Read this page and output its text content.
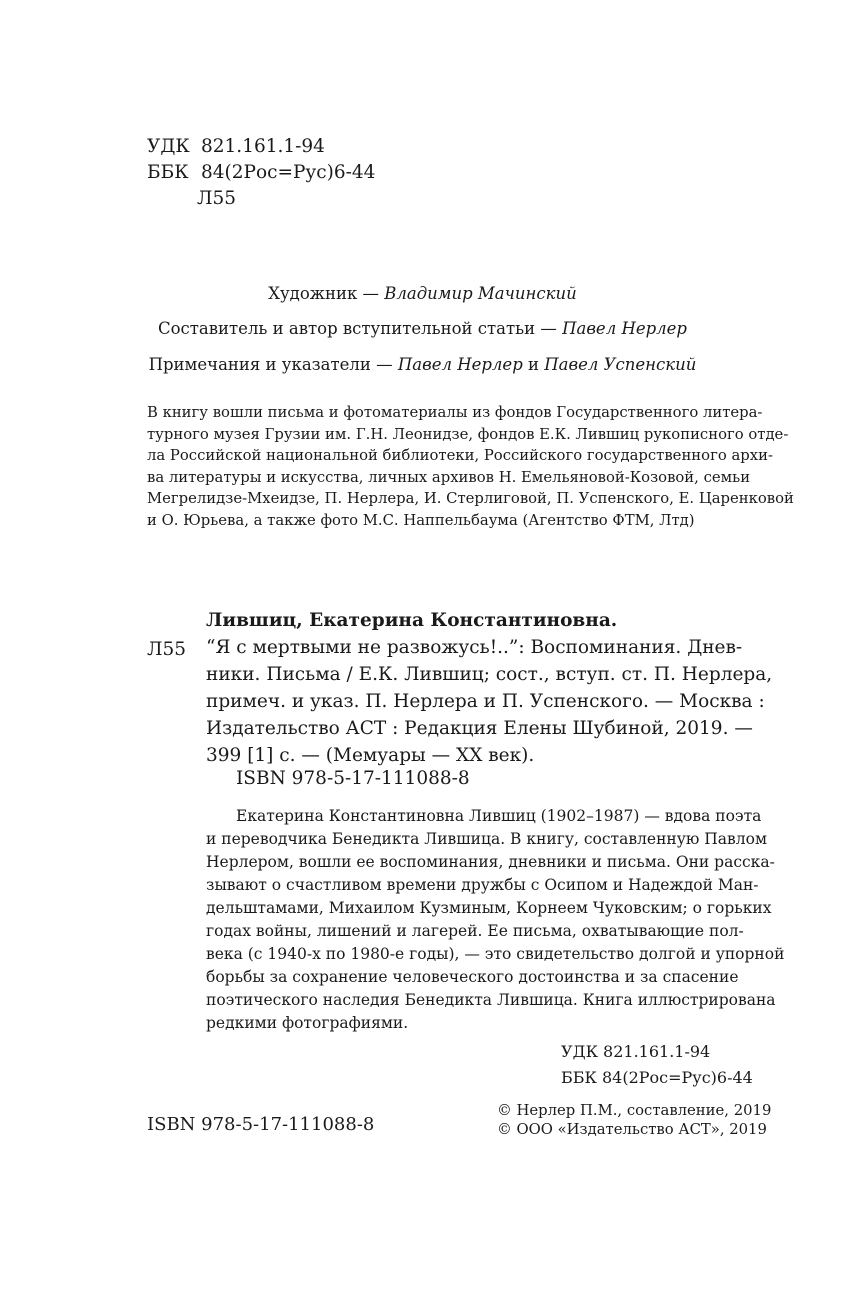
УДК 821.161.1-94
ББК 84(2Рос=Рус)6-44
Л55
Художник — Владимир Мачинский
Составитель и автор вступительной статьи — Павел Нерлер
Примечания и указатели — Павел Нерлер и Павел Успенский
В книгу вошли письма и фотоматериалы из фондов Государственного литера-
турного музея Грузии им. Г.Н. Леонидзе, фондов Е.К. Лившиц рукописного отде-
ла Российской национальной библиотеки, Российского государственного архи-
ва литературы и искусства, личных архивов Н. Емельяновой-Козовой, семьи
Мегрелидзе-Мхеидзе, П. Нерлера, И. Стерлиговой, П. Успенского, Е. Царенковой
и О. Юрьева, а также фото М.С. Наппельбаума (Агентство ФТМ, Лтд)
Лившиц, Екатерина Константиновна.
Л55 “Я с мертвыми не развожусь!..”: Воспоминания. Днев-
ники. Письма / Е.К. Лившиц; сост., вступ. ст. П. Нерлера,
примеч. и указ. П. Нерлера и П. Успенского. — Москва :
Издательство АСТ : Редакция Елены Шубиной, 2019. —
399 [1] с. — (Мемуары — XX век).
ISBN 978-5-17-111088-8
Екатерина Константиновна Лившиц (1902–1987) — вдова поэта
и переводчика Бенедикта Лившица. В книгу, составленную Павлом
Нерлером, вошли ее воспоминания, дневники и письма. Они расска-
зывают о счастливом времени дружбы с Осипом и Надеждой Ман-
дельштамами, Михаилом Кузминым, Корнеем Чуковским; о горьких
годах войны, лишений и лагерей. Ее письма, охватывающие пол-
века (с 1940-х по 1980-е годы), — это свидетельство долгой и упорной
борьбы за сохранение человеческого достоинства и за спасение
поэтического наследия Бенедикта Лившица. Книга иллюстрирована
редкими фотографиями.
УДК 821.161.1-94
ББК 84(2Рос=Рус)6-44
ISBN 978-5-17-111088-8
© Нерлер П.М., составление, 2019
© ООО «Издательство АСТ», 2019
